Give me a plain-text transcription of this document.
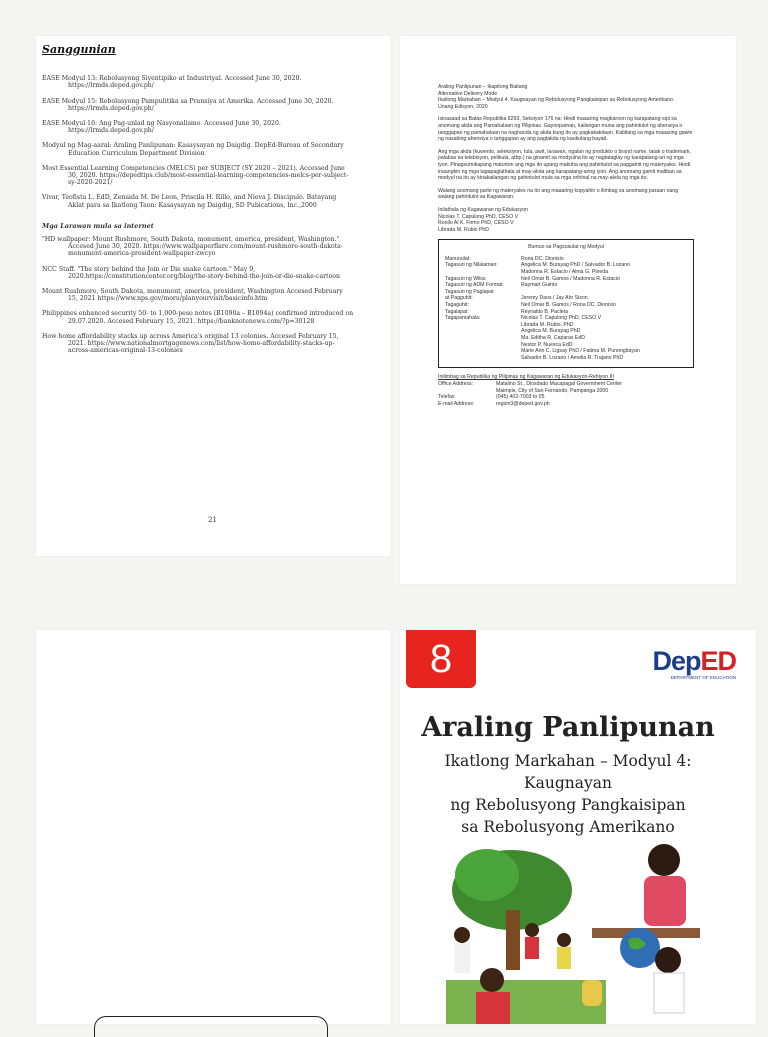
Sanggunian
EASE Modyul 13: Rebolusyong Siyentipiko at Industriyal. Accessed June 30, 2020. https://lrmds.deped.gov.ph/
EASE Modyul 15: Rebolusyong Pampulitika sa Pransiya at Amerika. Accessed June 30, 2020. https://lrmds.deped.gov.ph/
EASE Modyul 16: Ang Pag-unlad ng Nasyonalismo. Accessed June 30, 2020. https://lrmds.deped.gov.ph/
Modyul ng Mag-aaral: Araling Panlipunan: Kasaysayan ng Daigdig. DepEd-Bureau of Secondary Education Curriculum Department Division
Most Essential Learning Competencies (MELCS) per SUBJECT (SY 2020 – 2021). Accessed June 30, 2020. https://depedtips.club/most-essential-learning-competencies-melcs-per-subject-sy-2020-2021/
Vivar, Teofista L. EdD, Zenaida M. De Leon, Priscila H. Rillo, and Nieva J. Discipulo. Batayang Aklat para sa Ikatlong Taon: Kasaysayan ng Daigdig, SD Pubications, Inc.,2000
Mga Larawan mula sa internet
"HD wallpaper: Mount Rushmore, South Dakota, monument, america, president, Washington." Accesed June 30, 2020. https://www.wallpaperflare.com/mount-rushmore-south-dakota-monument-america-president-wallpaper-zwcyo
NCC Staff. "The story behind the Join or Die snake cartoon." May 9, 2020.https://constitutioncenter.org/blog/the-story-behind-the-join-or-die-snake-cartoon
Mount Rushmore, South Dakota, monument, america, president, Washington Accesed February 15, 2021 https://www.nps.gov/moru/planyourvisit/basicinfo.htm
Philippines enhanced security 50- to 1,000-peso notes (B1090a – B1094a) confirmed introduced on 29.07.2020. Accesed February 15, 2021. https://banknotenews.com/?p=30128
How home affordability stacks up across America's original 13 colonies. Accesed February 15, 2021. https://www.nationalmortgagenews.com/list/how-home-affordability-stacks-up-across-americas-original-13-colonies
21

Araling Panlipunan – Ikapitong Baitang
Alternative Delivery Mode
Ikatlong Markahan – Modyul 4. Kaugnayan ng Rebolusyong Pangkaisipan sa Rebolusyong Amerikano.
Unang Edisyon, 2020

Isinasaad sa Batas Republika 8293, Seksiyon 176 na: Hindi maaaring magkaroon ng karapatang-sipi sa anomang akda ang Pamahalaan ng Pilipinas. Gayonpaman, kailangan muna ang pahintulot ng ahensiya o tanggapan ng pamahalaan na naghanda ng akda kung ito ay pagkakakitaan. Kabilang sa mga maaaring gawin ng nasabing ahensiya o tanggapan ay ang pagtakda ng kaukulang bayad.

Ang mga akda (kuwento, seleksiyon, tula, awit, larawan, ngalan ng produkto o brand name, tatak o trademark, palabas sa telebisyon, pelikula, atbp.) na ginamit sa modyulna ito ay nagtataglay ng karapatang-ari ng mga iyon. Pinagsumikapang maturton ang mga ito upang makuha ang pahintulot sa paggamit ng materyales. Hindi inaangkin ng mga tagapaglathala at may-akda ang karapatang-aring iyon. Ang anomang gamit maliban sa modyul na ito ay kinakailangan ng pahintulot mula sa mga orihinal na may-akda ng mga ito.

Walang anomang parte ng materyales na ito ang maaaring kopyahin o ilimbag sa anomang paraan nang walang pahintulot sa Kagawaran.

Inilathala ng Kagawaran ng Edukasyon
Nicolas T. Capulong PhD, CESO V
Ronilo Al K. Firmo PhD, CESO V
Librada M. Rubio PhD
Bumuo sa Pagsusulat ng Modyul
Manunulat:	Rona DC. Dionisio
Tagasuri ng Nilalaman:	Angelica M. Burayag PhD / Salvador B. Lozano
Madonna R. Estacio / Alma G. Pineda
Tagasuri ng Wika:	Neil Omar B. Gamos / Madonna R. Estacio
Tagasuri ng ADM Format:	Raymart Guinto
Tagasuri ng Paglapat
at Pagguhit:	Jeremy Daos / Jay Ahr Sison
Tagaguhit:	Neil Omar B. Gamos / Rona DC. Dionisio
Tagalapat:	Reynaldo B. Pacleta
Tagapamahala:	Nicolas T. Capulong PhD, CESO V
Librada M. Rubio, PhD
Angelica M. Burayag PhD
Ma. Editha R. Caparas EdD
Nestor P. Nuesca EdD
Marie Ann C. Ligsay PhD / Fatima M. Punongbayan
Salvador B. Lozano / Amelia R. Trajano PhD
Inilimbag sa Republika ng Pilipinas ng Kagawaran ng Edukasyon-Rehiyon III
Office Address:	Matalino St., Diosdado Macapagal Government Center
Maimpis, City of San Fernando, Pampanga 2000
Telefax:	(045) 402-7003 to 05
E-mail Address:	region3@deped.gov.ph
8	DepED
DEPARTMENT OF EDUCATION
Araling Panlipunan
Ikatlong Markahan – Modyul 4:
Kaugnayan
ng Rebolusyong Pangkaisipan
sa Rebolusyong Amerikano
